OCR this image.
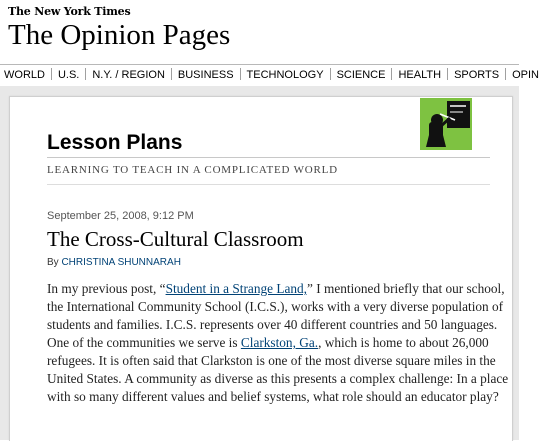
The New York Times
The Opinion Pages
WORLD U.S. N.Y. / REGION BUSINESS TECHNOLOGY SCIENCE HEALTH SPORTS OPIN
Lesson Plans
LEARNING TO TEACH IN A COMPLICATED WORLD
September 25, 2008, 9:12 PM
The Cross-Cultural Classroom
By CHRISTINA SHUNNARAH
In my previous post, “Student in a Strange Land,” I mentioned briefly that our school, the International Community School (I.C.S.), works with a very diverse population of students and families. I.C.S. represents over 40 different countries and 50 languages. One of the communities we serve is Clarkston, Ga., which is home to about 26,000 refugees. It is often said that Clarkston is one of the most diverse square miles in the United States. A community as diverse as this presents a complex challenge: In a place with so many different values and belief systems, what role should an educator play?
